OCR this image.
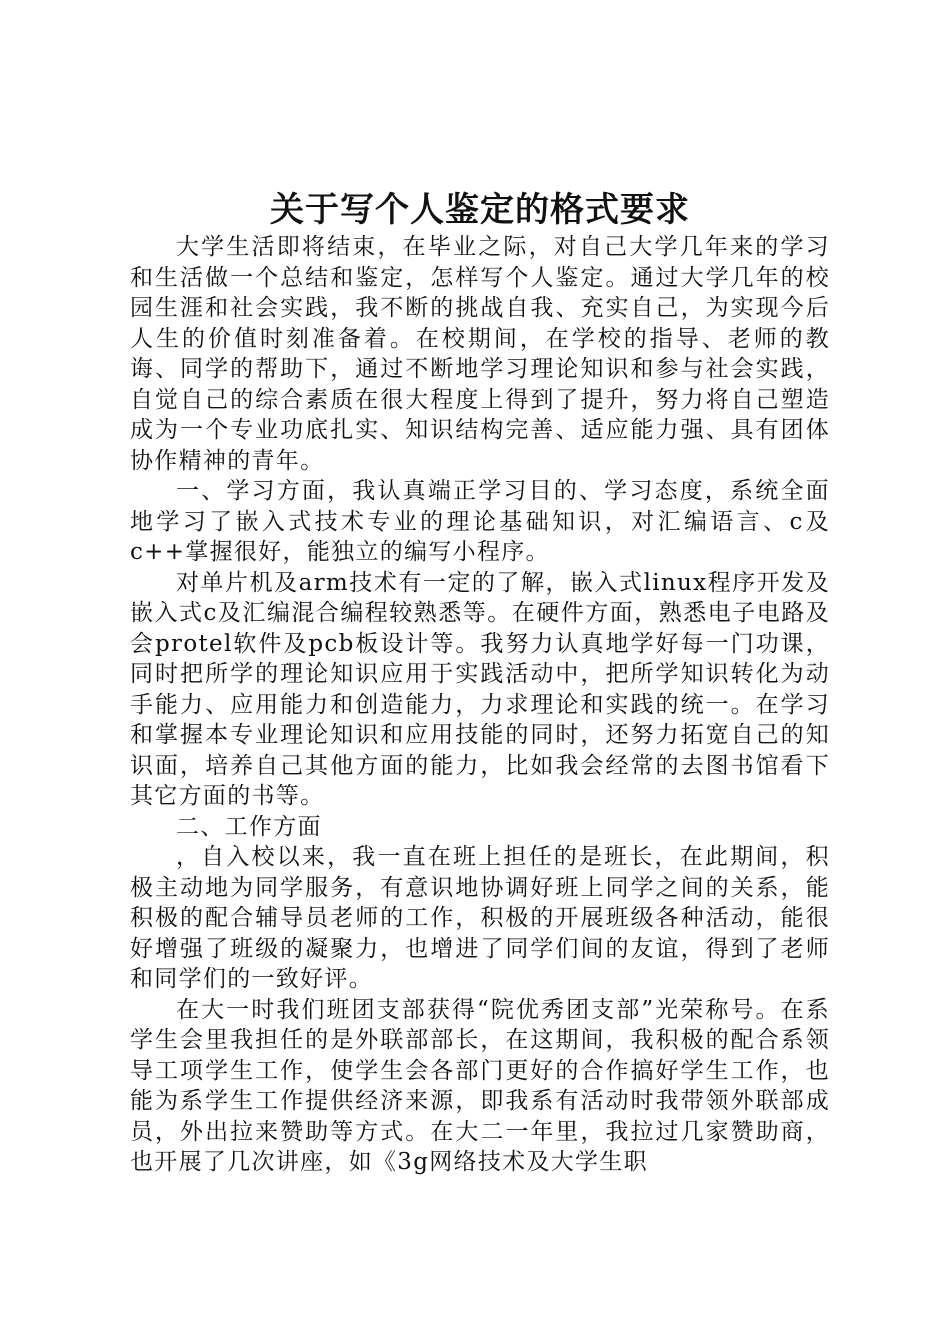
关于写个人鉴定的格式要求

大学生活即将结束，在毕业之际，对自己大学几年来的学习和生活做一个总结和鉴定，怎样写个人鉴定。通过大学几年的校园生涯和社会实践，我不断的挑战自我、充实自己，为实现今后人生的价值时刻准备着。在校期间，在学校的指导、老师的教诲、同学的帮助下，通过不断地学习理论知识和参与社会实践，自觉自己的综合素质在很大程度上得到了提升，努力将自己塑造成为一个专业功底扎实、知识结构完善、适应能力强、具有团体协作精神的青年。

一、学习方面，我认真端正学习目的、学习态度，系统全面地学习了嵌入式技术专业的理论基础知识，对汇编语言、c及c++掌握很好，能独立的编写小程序。

对单片机及arm技术有一定的了解，嵌入式linux程序开发及嵌入式c及汇编混合编程较熟悉等。在硬件方面，熟悉电子电路及会protel软件及pcb板设计等。我努力认真地学好每一门功课，同时把所学的理论知识应用于实践活动中，把所学知识转化为动手能力、应用能力和创造能力，力求理论和实践的统一。在学习和掌握本专业理论知识和应用技能的同时，还努力拓宽自己的知识面，培养自己其他方面的能力，比如我会经常的去图书馆看下其它方面的书等。

二、工作方面

，自入校以来，我一直在班上担任的是班长，在此期间，积极主动地为同学服务，有意识地协调好班上同学之间的关系，能积极的配合辅导员老师的工作，积极的开展班级各种活动，能很好增强了班级的凝聚力，也增进了同学们间的友谊，得到了老师和同学们的一致好评。

在大一时我们班团支部获得“院优秀团支部”光荣称号。在系学生会里我担任的是外联部部长，在这期间，我积极的配合系领导工项学生工作，使学生会各部门更好的合作搞好学生工作，也能为系学生工作提供经济来源，即我系有活动时我带领外联部成员，外出拉来赞助等方式。在大二一年里，我拉过几家赞助商，也开展了几次讲座，如《3g网络技术及大学生职
